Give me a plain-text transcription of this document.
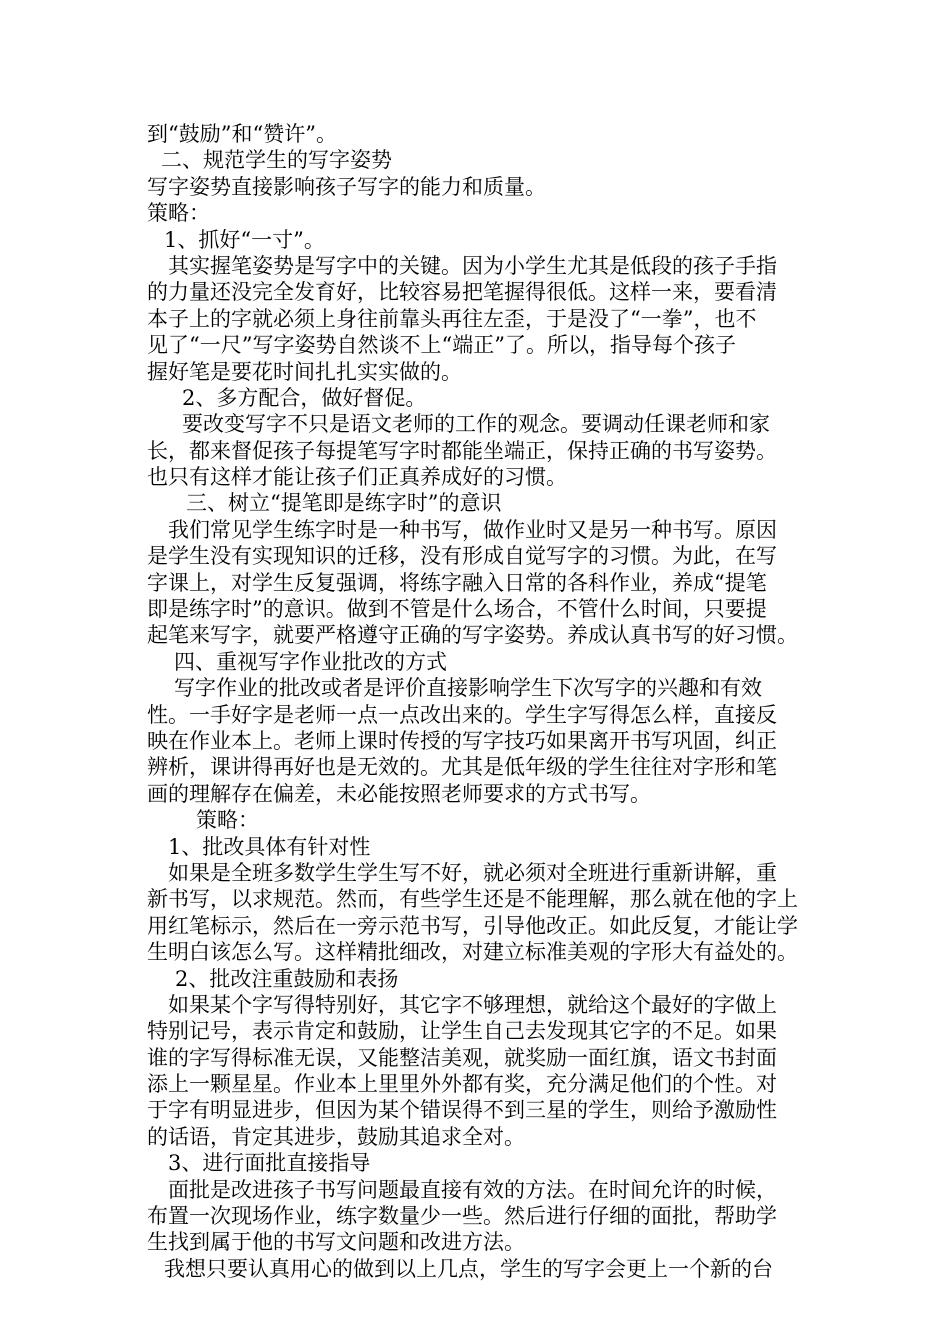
到“鼓励”和“赞许”。
二、规范学生的写字姿势
写字姿势直接影响孩子写字的能力和质量。
策略：
1、抓好“一寸”。
其实握笔姿势是写字中的关键。因为小学生尤其是低段的孩子手指
的力量还没完全发育好，比较容易把笔握得很低。这样一来，要看清
本子上的字就必须上身往前靠头再往左歪，于是没了“一拳”，也不
见了“一尺”写字姿势自然谈不上“端正”了。所以，指导每个孩子
握好笔是要花时间扎扎实实做的。
2、多方配合，做好督促。
要改变写字不只是语文老师的工作的观念。要调动任课老师和家
长，都来督促孩子每提笔写字时都能坐端正，保持正确的书写姿势。
也只有这样才能让孩子们正真养成好的习惯。
三、树立“提笔即是练字时”的意识
我们常见学生练字时是一种书写，做作业时又是另一种书写。原因
是学生没有实现知识的迁移，没有形成自觉写字的习惯。为此，在写
字课上，对学生反复强调，将练字融入日常的各科作业，养成“提笔
即是练字时”的意识。做到不管是什么场合，不管什么时间，只要提
起笔来写字，就要严格遵守正确的写字姿势。养成认真书写的好习惯。
四、重视写字作业批改的方式
写字作业的批改或者是评价直接影响学生下次写字的兴趣和有效
性。一手好字是老师一点一点改出来的。学生字写得怎么样，直接反
映在作业本上。老师上课时传授的写字技巧如果离开书写巩固，纠正
辨析，课讲得再好也是无效的。尤其是低年级的学生往往对字形和笔
画的理解存在偏差，未必能按照老师要求的方式书写。
策略：
1、批改具体有针对性
如果是全班多数学生学生写不好，就必须对全班进行重新讲解，重
新书写，以求规范。然而，有些学生还是不能理解，那么就在他的字上
用红笔标示，然后在一旁示范书写，引导他改正。如此反复，才能让学
生明白该怎么写。这样精批细改，对建立标准美观的字形大有益处的。
2、批改注重鼓励和表扬
如果某个字写得特别好，其它字不够理想，就给这个最好的字做上
特别记号，表示肯定和鼓励，让学生自己去发现其它字的不足。如果
谁的字写得标准无误，又能整洁美观，就奖励一面红旗，语文书封面
添上一颗星星。作业本上里里外外都有奖，充分满足他们的个性。对
于字有明显进步，但因为某个错误得不到三星的学生，则给予激励性
的话语，肯定其进步，鼓励其追求全对。
3、进行面批直接指导
面批是改进孩子书写问题最直接有效的方法。在时间允许的时候，
布置一次现场作业，练字数量少一些。然后进行仔细的面批，帮助学
生找到属于他的书写文问题和改进方法。
我想只要认真用心的做到以上几点，学生的写字会更上一个新的台
